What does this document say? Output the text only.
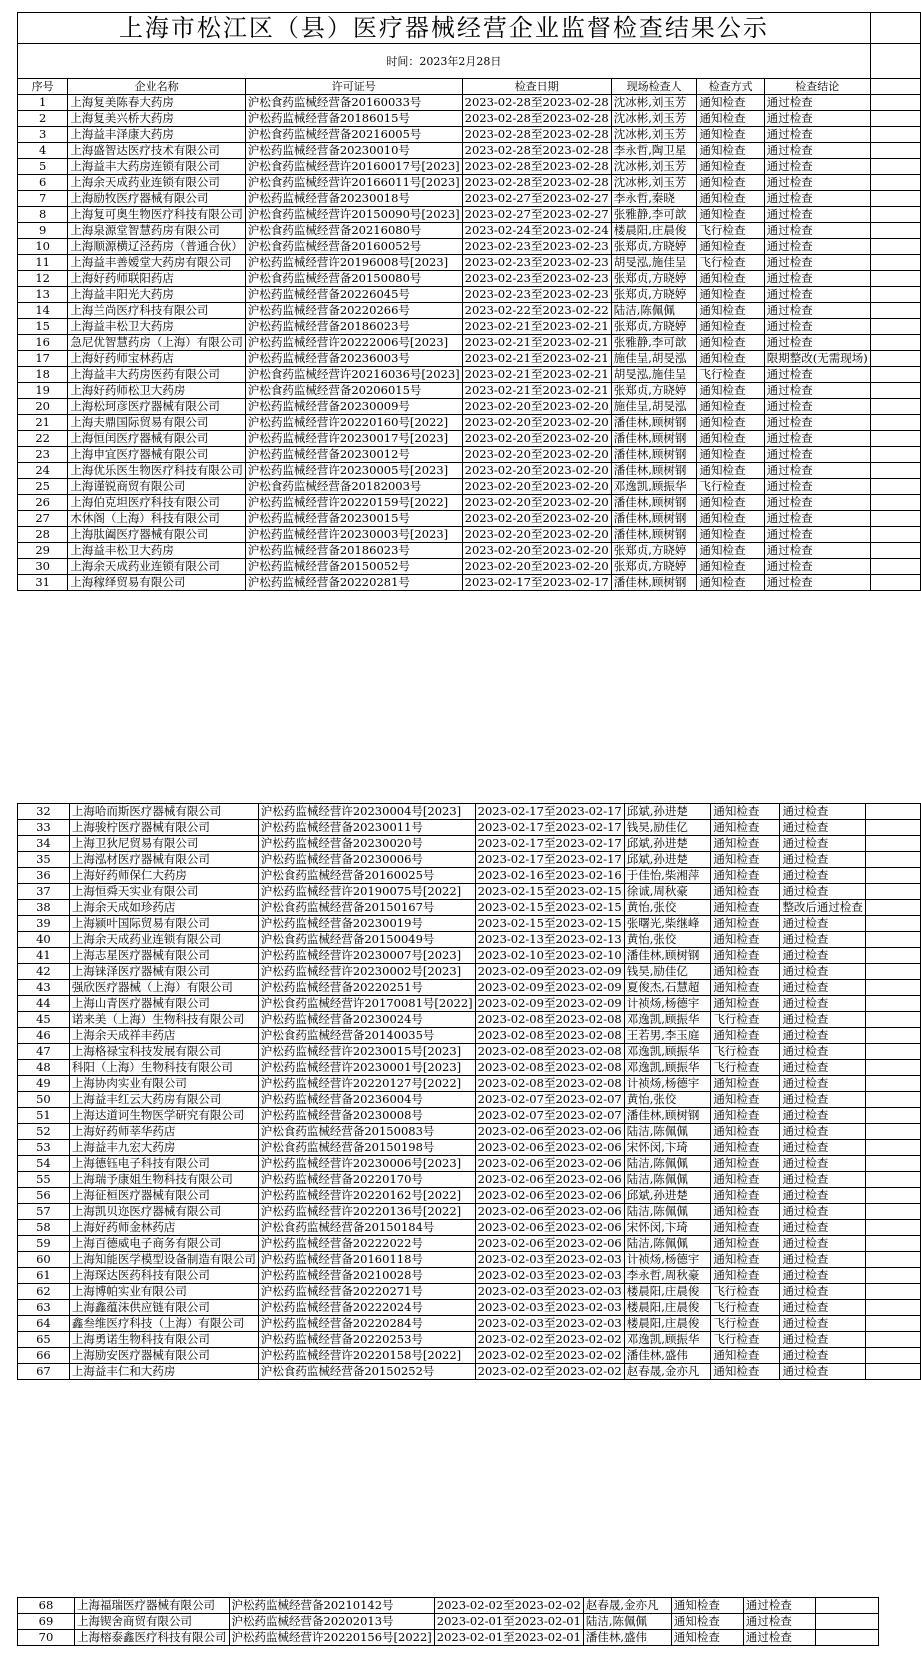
上海市松江区（县）医疗器械经营企业监督检查结果公示							
时间：2023年2月28日							
序号	企业名称	许可证号	检查日期	现场检查人	检查方式	检查结论	
1	上海复美陈春大药房	沪松食药监械经营备20160033号	2023-02-28至2023-02-28	沈冰彬,刘玉芳	通知检查	通过检查	
2	上海复美兴桥大药房	沪松药监械经营备20186015号	2023-02-28至2023-02-28	沈冰彬,刘玉芳	通知检查	通过检查	
3	上海益丰泽康大药房	沪松食药监械经营备20216005号	2023-02-28至2023-02-28	沈冰彬,刘玉芳	通知检查	通过检查	
4	上海盛智达医疗技术有限公司	沪松药监械经营备20230010号	2023-02-28至2023-02-28	李永哲,陶卫星	通知检查	通过检查	
5	上海益丰大药房连锁有限公司	沪松食药监械经营许20160017号[2023]	2023-02-28至2023-02-28	沈冰彬,刘玉芳	通知检查	通过检查	
6	上海余天成药业连锁有限公司	沪松食药监械经营许20166011号[2023]	2023-02-28至2023-02-28	沈冰彬,刘玉芳	通知检查	通过检查	
7	上海励牧医疗器械有限公司	沪松药监械经营备20230018号	2023-02-27至2023-02-27	李永哲,秦晓	通知检查	通过检查	
8	上海复可奥生物医疗科技有限公司	沪松食药监械经营许20150090号[2023]	2023-02-27至2023-02-27	张雅静,李可歆	通知检查	通过检查	
9	上海泉源堂智慧药房有限公司	沪松食药监械经营备20216080号	2023-02-24至2023-02-24	楼晨阳,庄晨俊	飞行检查	通过检查	
10	上海顺源横辽泾药房（普通合伙）	沪松食药监械经营备20160052号	2023-02-23至2023-02-23	张郑贞,方晓婷	通知检查	通过检查	
11	上海益丰善嫒堂大药房有限公司	沪松药监械经营许20196008号[2023]	2023-02-23至2023-02-23	胡旻泓,施佳呈	飞行检查	通过检查	
12	上海好药师联阳药店	沪松食药监械经营备20150080号	2023-02-23至2023-02-23	张郑贞,方晓婷	通知检查	通过检查	
13	上海益丰阳光大药房	沪松药监械经营备20226045号	2023-02-23至2023-02-23	张郑贞,方晓婷	通知检查	通过检查	
14	上海兰尚医疗科技有限公司	沪松药监械经营备20220266号	2023-02-22至2023-02-22	陆洁,陈佩佩	通知检查	通过检查	
15	上海益丰松卫大药房	沪松药监械经营备20186023号	2023-02-21至2023-02-21	张郑贞,方晓婷	通知检查	通过检查	
16	急尼优智慧药房（上海）有限公司	沪松药监械经营许20222006号[2023]	2023-02-21至2023-02-21	张雅静,李可歆	通知检查	通过检查	
17	上海好药师宝林药店	沪松药监械经营备20236003号	2023-02-21至2023-02-21	施佳呈,胡旻泓	通知检查	限期整改(无需现场)	
18	上海益丰大药房医药有限公司	沪松食药监械经营许20216036号[2023]	2023-02-21至2023-02-21	胡旻泓,施佳呈	飞行检查	通过检查	
19	上海好药师松卫大药房	沪松食药监械经营备20206015号	2023-02-21至2023-02-21	张郑贞,方晓婷	通知检查	通过检查	
20	上海松珂彦医疗器械有限公司	沪松药监械经营备20230009号	2023-02-20至2023-02-20	施佳呈,胡旻泓	通知检查	通过检查	
21	上海夫鼎国际贸易有限公司	沪松药监械经营许20220160号[2022]	2023-02-20至2023-02-20	潘佳林,顾树钢	通知检查	通过检查	
22	上海恒闰医疗器械有限公司	沪松药监械经营许20230017号[2023]	2023-02-20至2023-02-20	潘佳林,顾树钢	通知检查	通过检查	
23	上海申宜医疗器械有限公司	沪松药监械经营备20230012号	2023-02-20至2023-02-20	潘佳林,顾树钢	通知检查	通过检查	
24	上海优乐医生物医疗科技有限公司	沪松药监械经营许20230005号[2023]	2023-02-20至2023-02-20	潘佳林,顾树钢	通知检查	通过检查	
25	上海谨锐商贸有限公司	沪松食药监械经营备20182003号	2023-02-20至2023-02-20	邓逸凯,顾振华	飞行检查	通过检查	
26	上海伯克坦医疗科技有限公司	沪松药监械经营许20220159号[2022]	2023-02-20至2023-02-20	潘佳林,顾树钢	通知检查	通过检查	
27	木休阁（上海）科技有限公司	沪松药监械经营备20230015号	2023-02-20至2023-02-20	潘佳林,顾树钢	通知检查	通过检查	
28	上海肽阖医疗器械有限公司	沪松药监械经营许20230003号[2023]	2023-02-20至2023-02-20	潘佳林,顾树钢	通知检查	通过检查	
29	上海益丰松卫大药房	沪松药监械经营备20186023号	2023-02-20至2023-02-20	张郑贞,方晓婷	通知检查	通过检查	
30	上海余天成药业连锁有限公司	沪松药监械经营备20150052号	2023-02-20至2023-02-20	张郑贞,方晓婷	通知检查	通过检查	
31	上海稼绎贸易有限公司	沪松药监械经营备20220281号	2023-02-17至2023-02-17	潘佳林,顾树钢	通知检查	通过检查	
32	上海哈而斯医疗器械有限公司	沪松药监械经营许20230004号[2023]	2023-02-17至2023-02-17	邱斌,孙进楚	通知检查	通过检查	
33	上海骏柠医疗器械有限公司	沪松药监械经营备20230011号	2023-02-17至2023-02-17	钱昊,励佳亿	通知检查	通过检查	
34	上海卫狄尼贸易有限公司	沪松药监械经营备20230020号	2023-02-17至2023-02-17	邱斌,孙进楚	通知检查	通过检查	
35	上海泓材医疗器械有限公司	沪松药监械经营备20230006号	2023-02-17至2023-02-17	邱斌,孙进楚	通知检查	通过检查	
36	上海好药师保仁大药房	沪松食药监械经营备20160025号	2023-02-16至2023-02-16	于佳怡,柴湘萍	通知检查	通过检查	
37	上海恒舜天实业有限公司	沪松药监械经营许20190075号[2022]	2023-02-15至2023-02-15	徐诚,周秋豪	通知检查	通过检查	
38	上海余天成如珍药店	沪松食药监械经营备20150167号	2023-02-15至2023-02-15	黄怡,张佼	通知检查	整改后通过检查	
39	上海颍叶国际贸易有限公司	沪松药监械经营备20230019号	2023-02-15至2023-02-15	张曙光,柴继峰	通知检查	通过检查	
40	上海余天成药业连锁有限公司	沪松食药监械经营备20150049号	2023-02-13至2023-02-13	黄怡,张佼	通知检查	通过检查	
41	上海志星医疗器械有限公司	沪松药监械经营许20230007号[2023]	2023-02-10至2023-02-10	潘佳林,顾树钢	通知检查	通过检查	
42	上海铼泽医疗器械有限公司	沪松药监械经营许20230002号[2023]	2023-02-09至2023-02-09	钱昊,励佳亿	通知检查	通过检查	
43	强欣医疗器械（上海）有限公司	沪松药监械经营备20220251号	2023-02-09至2023-02-09	夏俊杰,石慧超	通知检查	通过检查	
44	上海山青医疗器械有限公司	沪松食药监械经营许20170081号[2022]	2023-02-09至2023-02-09	计祯炀,杨德宇	通知检查	通过检查	
45	诺来美（上海）生物科技有限公司	沪松药监械经营备20230024号	2023-02-08至2023-02-08	邓逸凯,顾振华	飞行检查	通过检查	
46	上海余天成祥丰药店	沪松食药监械经营备20140035号	2023-02-08至2023-02-08	王若男,李玉庭	通知检查	通过检查	
47	上海格禄宝科技发展有限公司	沪松药监械经营许20230015号[2023]	2023-02-08至2023-02-08	邓逸凯,顾振华	飞行检查	通过检查	
48	科阳（上海）生物科技有限公司	沪松药监械经营许20230001号[2023]	2023-02-08至2023-02-08	邓逸凯,顾振华	飞行检查	通过检查	
49	上海协肉实业有限公司	沪松药监械经营许20220127号[2022]	2023-02-08至2023-02-08	计祯炀,杨德宇	通知检查	通过检查	
50	上海益丰红云大药房有限公司	沪松药监械经营备20236004号	2023-02-07至2023-02-07	黄怡,张佼	通知检查	通过检查	
51	上海达道诃生物医学研究有限公司	沪松药监械经营备20230008号	2023-02-07至2023-02-07	潘佳林,顾树钢	通知检查	通过检查	
52	上海好药师莘华药店	沪松食药监械经营备20150083号	2023-02-06至2023-02-06	陆洁,陈佩佩	通知检查	通过检查	
53	上海益丰九宏大药房	沪松食药监械经营备20150198号	2023-02-06至2023-02-06	宋怀闵,卞琦	通知检查	通过检查	
54	上海德钰电子科技有限公司	沪松药监械经营许20230006号[2023]	2023-02-06至2023-02-06	陆洁,陈佩佩	通知检查	通过检查	
55	上海瑞予康姐生物科技有限公司	沪松药监械经营备20220170号	2023-02-06至2023-02-06	陆洁,陈佩佩	通知检查	通过检查	
56	上海征桓医疗器械有限公司	沪松药监械经营许20220162号[2022]	2023-02-06至2023-02-06	邱斌,孙进楚	通知检查	通过检查	
57	上海凯贝迩医疗器械有限公司	沪松药监械经营许20220136号[2022]	2023-02-06至2023-02-06	陆洁,陈佩佩	通知检查	通过检查	
58	上海好药师金林药店	沪松食药监械经营备20150184号	2023-02-06至2023-02-06	宋怀闵,卞琦	通知检查	通过检查	
59	上海百德威电子商务有限公司	沪松药监械经营备20222022号	2023-02-06至2023-02-06	陆洁,陈佩佩	通知检查	通过检查	
60	上海知能医学模型设备制造有限公司	沪松药监械经营备20160118号	2023-02-03至2023-02-03	计祯炀,杨德宇	通知检查	通过检查	
61	上海琛达医药科技有限公司	沪松药监械经营备20210028号	2023-02-03至2023-02-03	李永哲,周秋豪	通知检查	通过检查	
62	上海博帕实业有限公司	沪松药监械经营备20220271号	2023-02-03至2023-02-03	楼晨阳,庄晨俊	飞行检查	通过检查	
63	上海鑫蕴沫供应链有限公司	沪松药监械经营备20222024号	2023-02-03至2023-02-03	楼晨阳,庄晨俊	飞行检查	通过检查	
64	鑫叁维医疗科技（上海）有限公司	沪松药监械经营备20220284号	2023-02-03至2023-02-03	楼晨阳,庄晨俊	飞行检查	通过检查	
65	上海勇诺生物科技有限公司	沪松药监械经营备20220253号	2023-02-02至2023-02-02	邓逸凯,顾振华	飞行检查	通过检查	
66	上海励安医疗器械有限公司	沪松药监械经营许20220158号[2022]	2023-02-02至2023-02-02	潘佳林,盛伟	通知检查	通过检查	
67	上海益丰仁和大药房	沪松食药监械经营备20150252号	2023-02-02至2023-02-02	赵春晟,金亦凡	通知检查	通过检查	
68	上海福瑞医疗器械有限公司	沪松药监械经营备20210142号	2023-02-02至2023-02-02	赵春晟,金亦凡	通知检查	通过检查	
69	上海锲舍商贸有限公司	沪松药监械经营备20202013号	2023-02-01至2023-02-01	陆洁,陈佩佩	通知检查	通过检查	
70	上海榕泰鑫医疗科技有限公司	沪松药监械经营许20220156号[2022]	2023-02-01至2023-02-01	潘佳林,盛伟	通知检查	通过检查	
